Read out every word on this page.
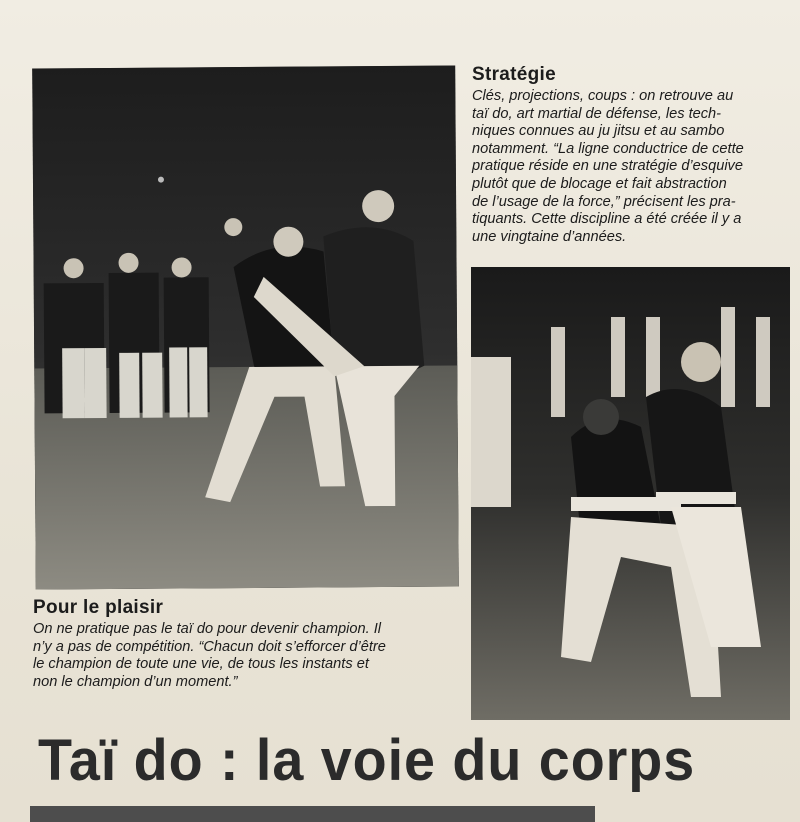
Stratégie

Clés, projections, coups : on retrouve au
taï do, art martial de défense, les tech-
niques connues au ju jitsu et au sambo
notamment. “La ligne conductrice de cette
pratique réside en une stratégie d’esquive
plutôt que de blocage et fait abstraction
de l’usage de la force,” précisent les pra-
tiquants. Cette discipline a été créée il y a
une vingtaine d’années.

Pour le plaisir

On ne pratique pas le taï do pour devenir champion. Il
n’y a pas de compétition. “Chacun doit s’efforcer d’être
le champion de toute une vie, de tous les instants et
non le champion d’un moment.”

Taï do : la voie du corps
